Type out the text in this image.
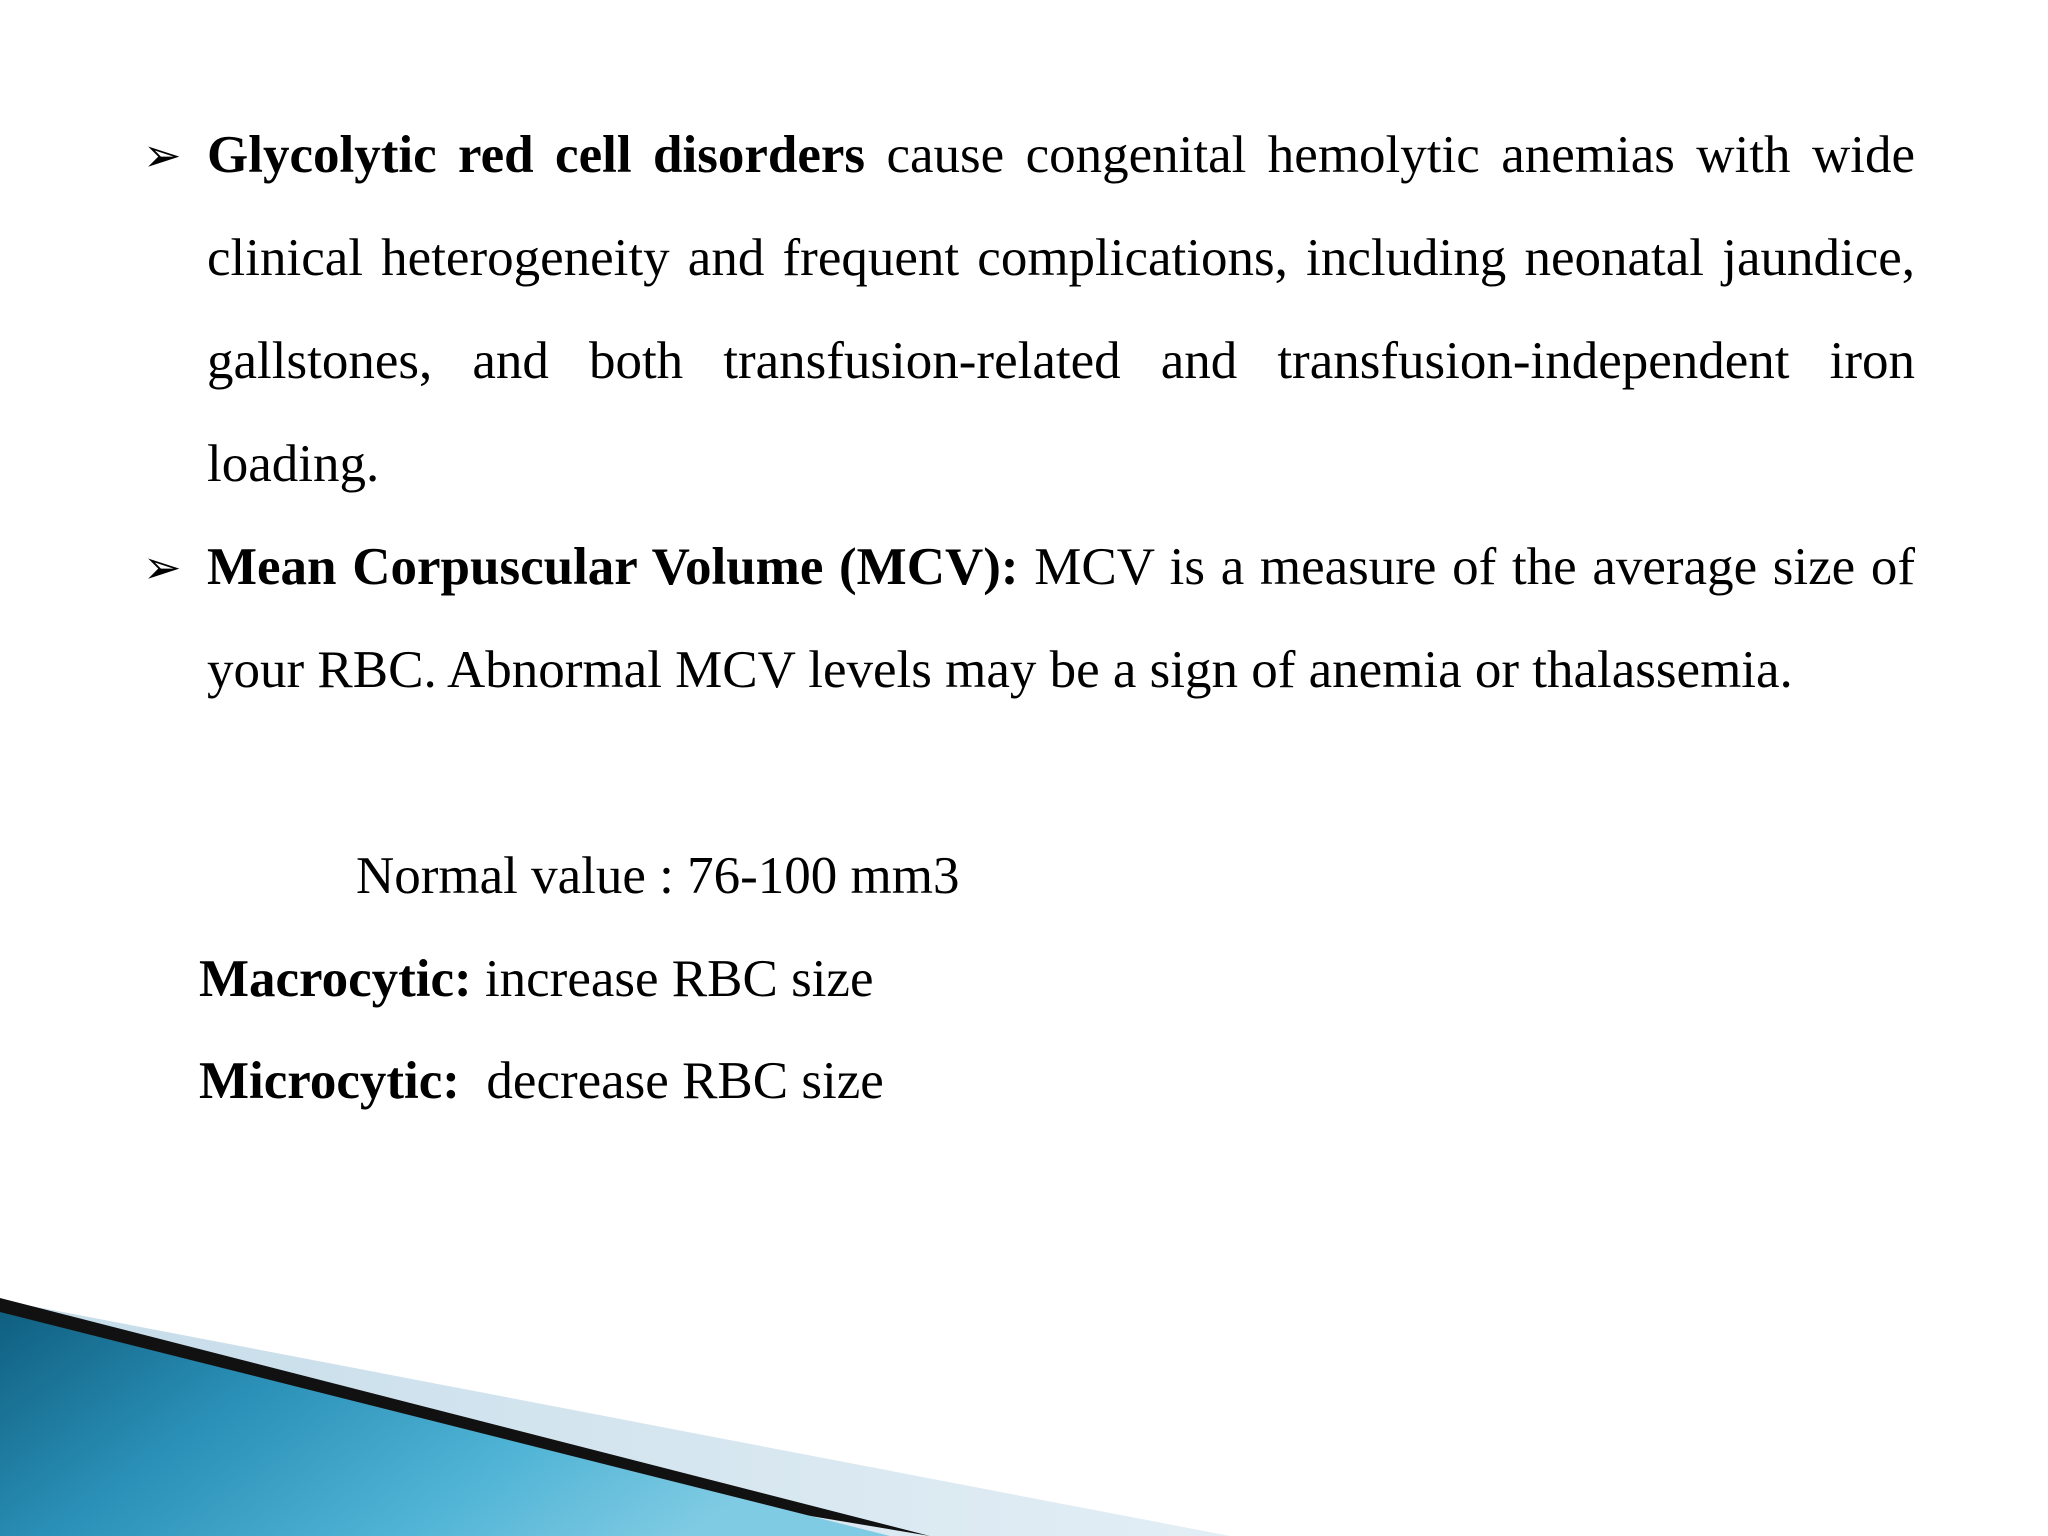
➢ Glycolytic red cell disorders cause congenital hemolytic anemias with wide clinical heterogeneity and frequent complications, including neonatal jaundice, gallstones, and both transfusion-related and transfusion-independent iron loading.
➢ Mean Corpuscular Volume (MCV): MCV is a measure of the average size of your RBC. Abnormal MCV levels may be a sign of anemia or thalassemia.
Normal value : 76-100 mm3
Macrocytic: increase RBC size
Microcytic:  decrease RBC size
